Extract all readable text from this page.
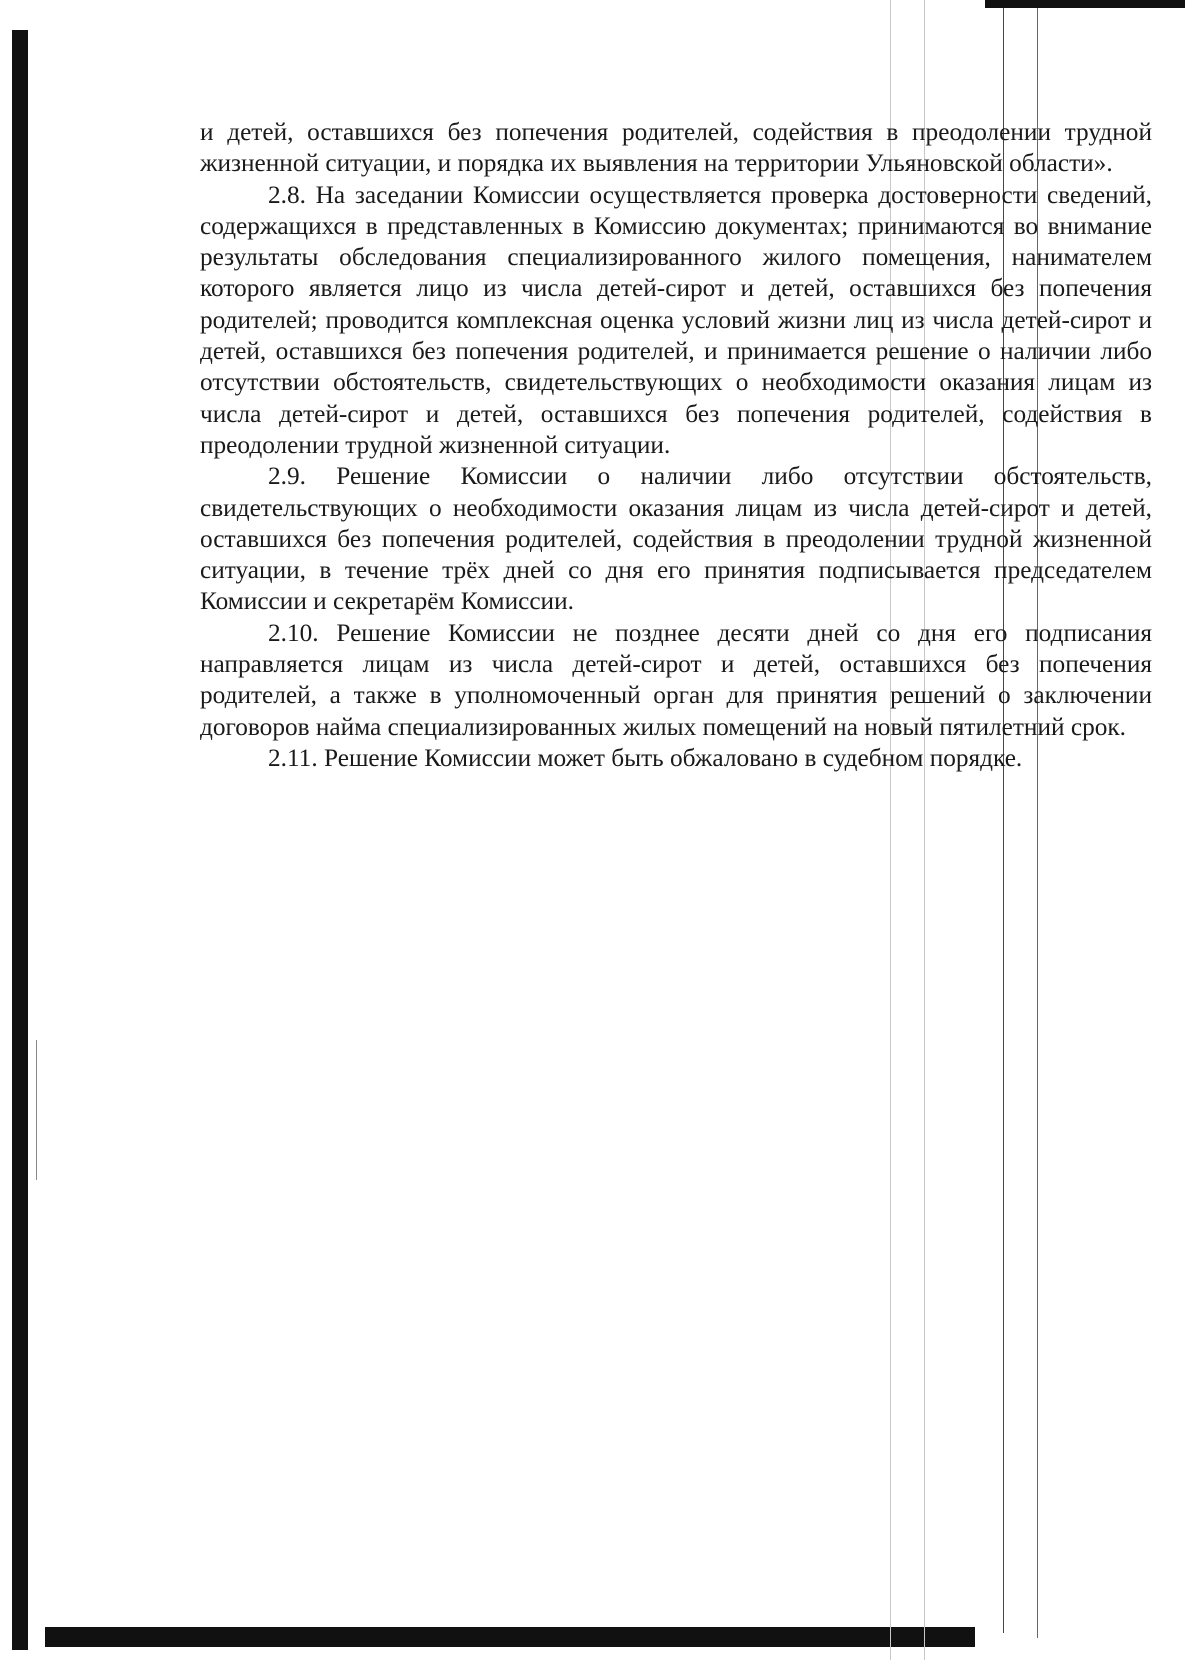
и детей, оставшихся без попечения родителей, содействия в преодолении трудной жизненной ситуации, и порядка их выявления на территории Ульяновской области».

2.8. На заседании Комиссии осуществляется проверка достоверности сведений, содержащихся в представленных в Комиссию документах; принимаются во внимание результаты обследования специализированного жилого помещения, нанимателем которого является лицо из числа детей-сирот и детей, оставшихся без попечения родителей; проводится комплексная оценка условий жизни лиц из числа детей-сирот и детей, оставшихся без попечения родителей, и принимается решение о наличии либо отсутствии обстоятельств, свидетельствующих о необходимости оказания лицам из числа детей-сирот и детей, оставшихся без попечения родителей, содействия в преодолении трудной жизненной ситуации.

2.9. Решение Комиссии о наличии либо отсутствии обстоятельств, свидетельствующих о необходимости оказания лицам из числа детей-сирот и детей, оставшихся без попечения родителей, содействия в преодолении трудной жизненной ситуации, в течение трёх дней со дня его принятия подписывается председателем Комиссии и секретарём Комиссии.

2.10. Решение Комиссии не позднее десяти дней со дня его подписания направляется лицам из числа детей-сирот и детей, оставшихся без попечения родителей, а также в уполномоченный орган для принятия решений о заключении договоров найма специализированных жилых помещений на новый пятилетний срок.

2.11. Решение Комиссии может быть обжаловано в судебном порядке.
